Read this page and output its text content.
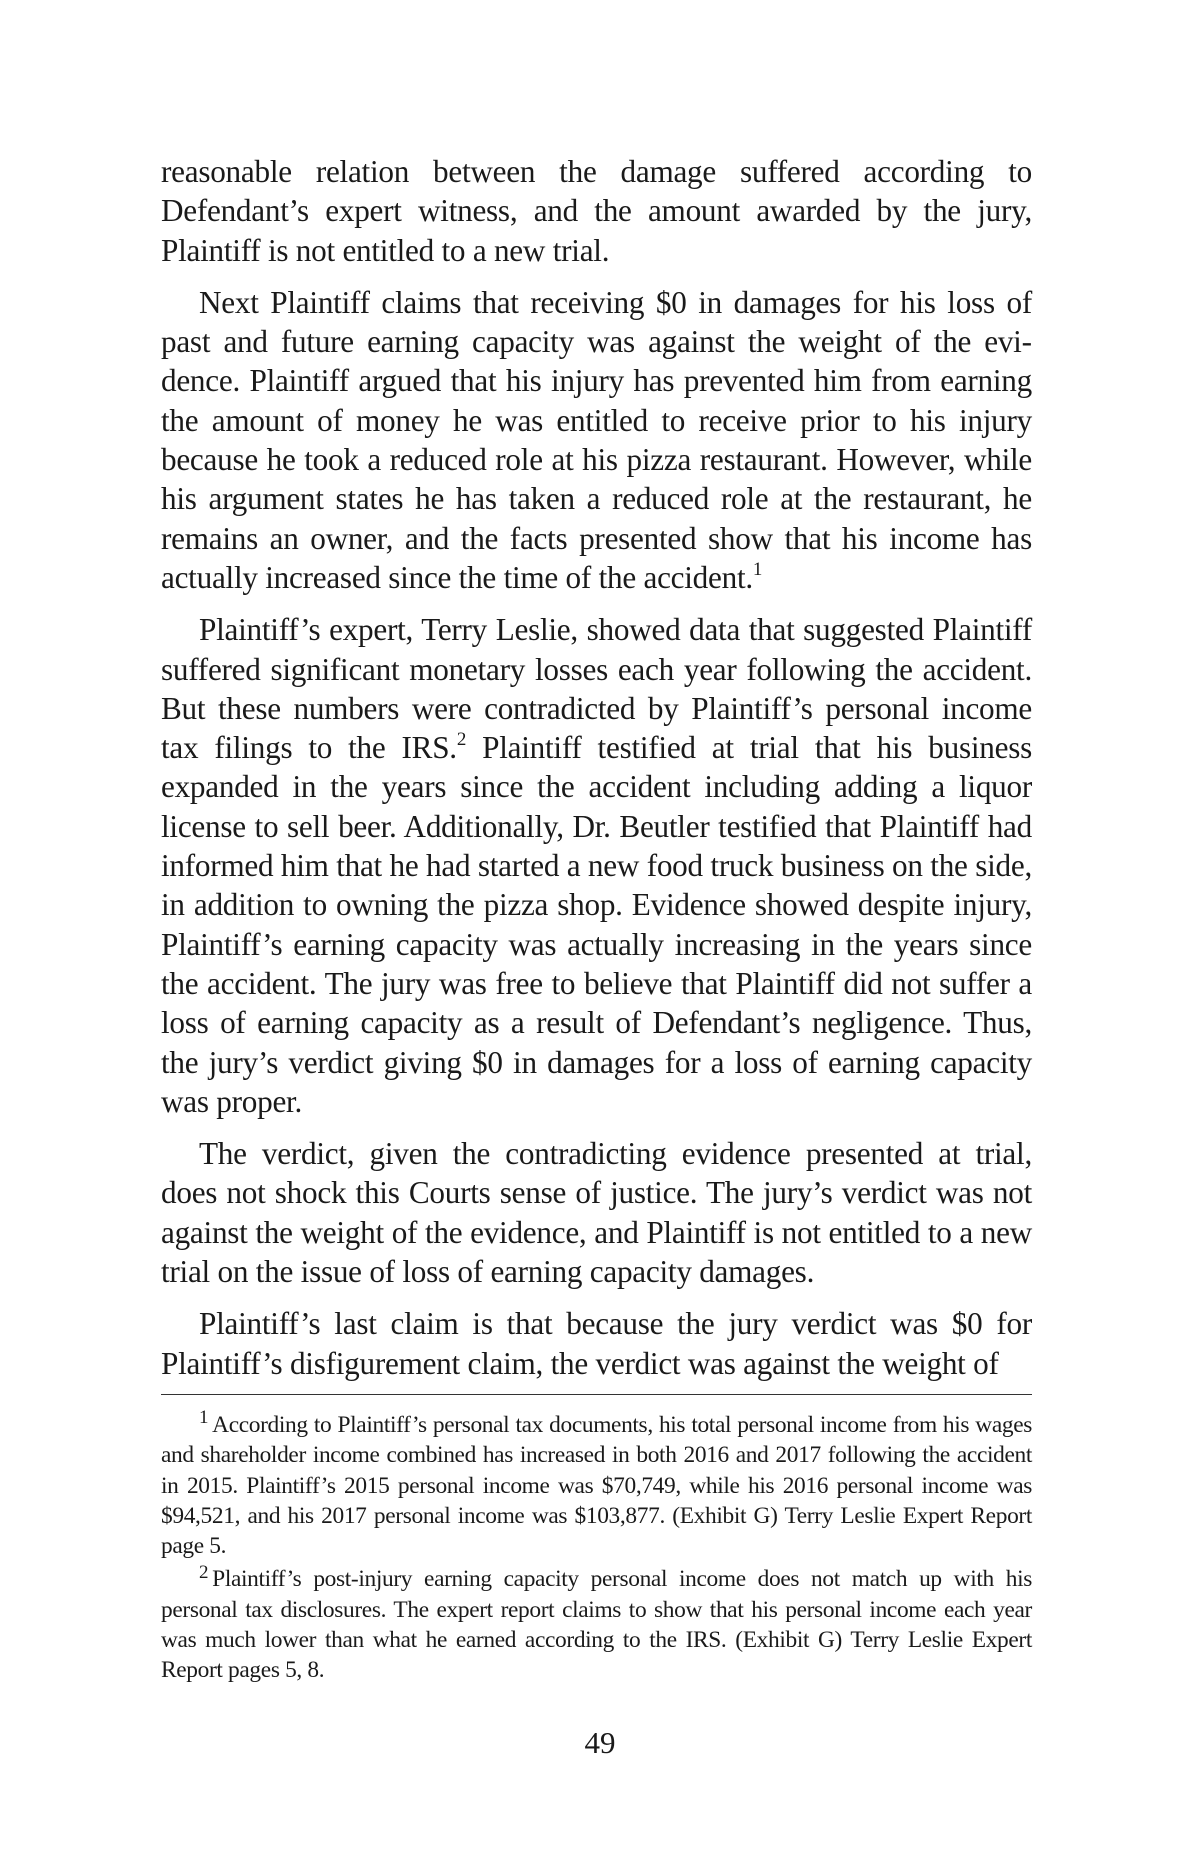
reasonable relation between the damage suffered according to Defendant’s expert witness, and the amount awarded by the jury, Plaintiff is not entitled to a new trial.

Next Plaintiff claims that receiving $0 in damages for his loss of past and future earning capacity was against the weight of the evidence. Plaintiff argued that his injury has prevented him from earning the amount of money he was entitled to receive prior to his injury because he took a reduced role at his pizza restaurant. However, while his argument states he has taken a reduced role at the restaurant, he remains an owner, and the facts presented show that his income has actually increased since the time of the accident.$^1$

Plaintiff’s expert, Terry Leslie, showed data that suggested Plaintiff suffered significant monetary losses each year following the accident. But these numbers were contradicted by Plaintiff’s personal income tax filings to the IRS.$^2$ Plaintiff testified at trial that his business expanded in the years since the accident including adding a liquor license to sell beer. Additionally, Dr. Beutler testified that Plaintiff had informed him that he had started a new food truck business on the side, in addition to owning the pizza shop. Evidence showed despite injury, Plaintiff’s earning capacity was actually increasing in the years since the accident. The jury was free to believe that Plaintiff did not suffer a loss of earning capacity as a result of Defendant’s negligence. Thus, the jury’s verdict giving $0 in damages for a loss of earning capacity was proper.

The verdict, given the contradicting evidence presented at trial, does not shock this Courts sense of justice. The jury’s verdict was not against the weight of the evidence, and Plaintiff is not entitled to a new trial on the issue of loss of earning capacity damages.

Plaintiff’s last claim is that because the jury verdict was $0 for Plaintiff’s disfigurement claim, the verdict was against the weight of

$^1$ According to Plaintiff’s personal tax documents, his total personal income from his wages and shareholder income combined has increased in both 2016 and 2017 following the accident in 2015. Plaintiff’s 2015 personal income was $70,749, while his 2016 personal income was $94,521, and his 2017 personal income was $103,877. (Exhibit G) Terry Leslie Expert Report page 5.

$^2$ Plaintiff’s post-injury earning capacity personal income does not match up with his personal tax disclosures. The expert report claims to show that his personal income each year was much lower than what he earned according to the IRS. (Exhibit G) Terry Leslie Expert Report pages 5, 8.

49
